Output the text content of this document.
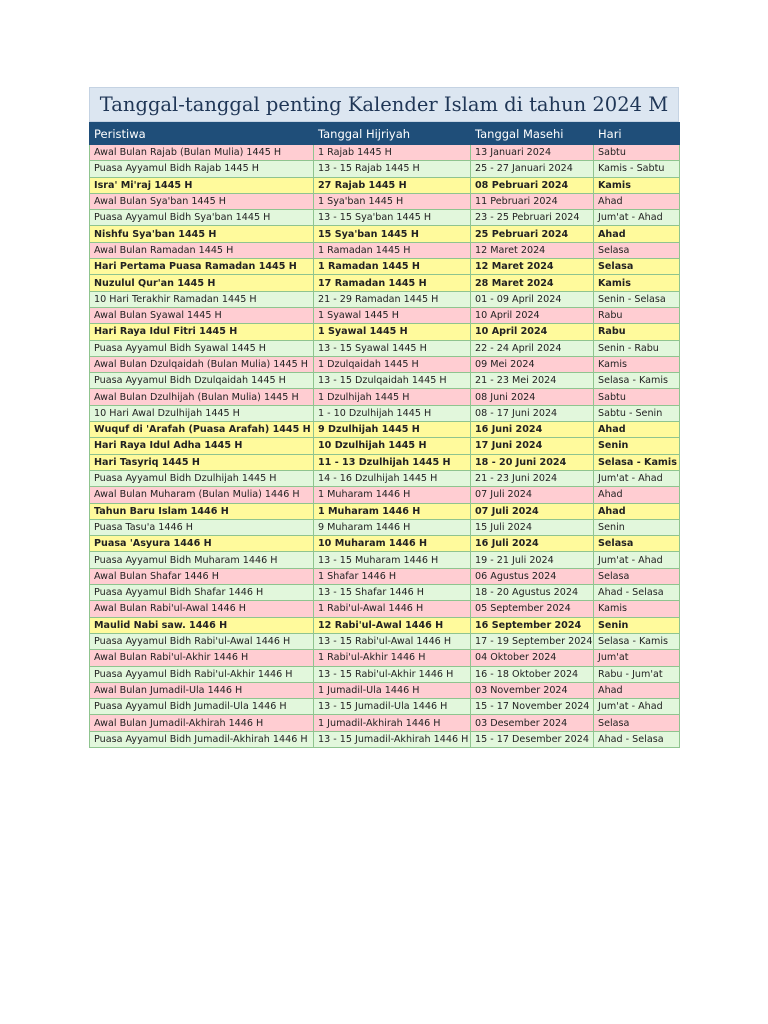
Tanggal-tanggal penting Kalender Islam di tahun 2024 M
Peristiwa	Tanggal Hijriyah	Tanggal Masehi	Hari
Awal Bulan Rajab (Bulan Mulia) 1445 H	1 Rajab 1445 H	13 Januari 2024	Sabtu
Puasa Ayyamul Bidh Rajab 1445 H	13 - 15 Rajab 1445 H	25 - 27 Januari 2024	Kamis - Sabtu
Isra' Mi'raj 1445 H	27 Rajab 1445 H	08 Pebruari 2024	Kamis
Awal Bulan Sya'ban 1445 H	1 Sya'ban 1445 H	11 Pebruari 2024	Ahad
Puasa Ayyamul Bidh Sya'ban 1445 H	13 - 15 Sya'ban 1445 H	23 - 25 Pebruari 2024	Jum'at - Ahad
Nishfu Sya'ban 1445 H	15 Sya'ban 1445 H	25 Pebruari 2024	Ahad
Awal Bulan Ramadan 1445 H	1 Ramadan 1445 H	12 Maret 2024	Selasa
Hari Pertama Puasa Ramadan 1445 H	1 Ramadan 1445 H	12 Maret 2024	Selasa
Nuzulul Qur'an 1445 H	17 Ramadan 1445 H	28 Maret 2024	Kamis
10 Hari Terakhir Ramadan 1445 H	21 - 29 Ramadan 1445 H	01 - 09 April 2024	Senin - Selasa
Awal Bulan Syawal 1445 H	1 Syawal 1445 H	10 April 2024	Rabu
Hari Raya Idul Fitri 1445 H	1 Syawal 1445 H	10 April 2024	Rabu
Puasa Ayyamul Bidh Syawal 1445 H	13 - 15 Syawal 1445 H	22 - 24 April 2024	Senin - Rabu
Awal Bulan Dzulqaidah (Bulan Mulia) 1445 H	1 Dzulqaidah 1445 H	09 Mei 2024	Kamis
Puasa Ayyamul Bidh Dzulqaidah 1445 H	13 - 15 Dzulqaidah 1445 H	21 - 23 Mei 2024	Selasa - Kamis
Awal Bulan Dzulhijah (Bulan Mulia) 1445 H	1 Dzulhijah 1445 H	08 Juni 2024	Sabtu
10 Hari Awal Dzulhijah 1445 H	1 - 10 Dzulhijah 1445 H	08 - 17 Juni 2024	Sabtu - Senin
Wuquf di 'Arafah (Puasa Arafah) 1445 H	9 Dzulhijah 1445 H	16 Juni 2024	Ahad
Hari Raya Idul Adha 1445 H	10 Dzulhijah 1445 H	17 Juni 2024	Senin
Hari Tasyriq 1445 H	11 - 13 Dzulhijah 1445 H	18 - 20 Juni 2024	Selasa - Kamis
Puasa Ayyamul Bidh Dzulhijah 1445 H	14 - 16 Dzulhijah 1445 H	21 - 23 Juni 2024	Jum'at - Ahad
Awal Bulan Muharam (Bulan Mulia) 1446 H	1 Muharam 1446 H	07 Juli 2024	Ahad
Tahun Baru Islam 1446 H	1 Muharam 1446 H	07 Juli 2024	Ahad
Puasa Tasu'a 1446 H	9 Muharam 1446 H	15 Juli 2024	Senin
Puasa 'Asyura 1446 H	10 Muharam 1446 H	16 Juli 2024	Selasa
Puasa Ayyamul Bidh Muharam 1446 H	13 - 15 Muharam 1446 H	19 - 21 Juli 2024	Jum'at - Ahad
Awal Bulan Shafar 1446 H	1 Shafar 1446 H	06 Agustus 2024	Selasa
Puasa Ayyamul Bidh Shafar 1446 H	13 - 15 Shafar 1446 H	18 - 20 Agustus 2024	Ahad - Selasa
Awal Bulan Rabi'ul-Awal 1446 H	1 Rabi'ul-Awal 1446 H	05 September 2024	Kamis
Maulid Nabi saw. 1446 H	12 Rabi'ul-Awal 1446 H	16 September 2024	Senin
Puasa Ayyamul Bidh Rabi'ul-Awal 1446 H	13 - 15 Rabi'ul-Awal 1446 H	17 - 19 September 2024	Selasa - Kamis
Awal Bulan Rabi'ul-Akhir 1446 H	1 Rabi'ul-Akhir 1446 H	04 Oktober 2024	Jum'at
Puasa Ayyamul Bidh Rabi'ul-Akhir 1446 H	13 - 15 Rabi'ul-Akhir 1446 H	16 - 18 Oktober 2024	Rabu - Jum'at
Awal Bulan Jumadil-Ula 1446 H	1 Jumadil-Ula 1446 H	03 November 2024	Ahad
Puasa Ayyamul Bidh Jumadil-Ula 1446 H	13 - 15 Jumadil-Ula 1446 H	15 - 17 November 2024	Jum'at - Ahad
Awal Bulan Jumadil-Akhirah 1446 H	1 Jumadil-Akhirah 1446 H	03 Desember 2024	Selasa
Puasa Ayyamul Bidh Jumadil-Akhirah 1446 H	13 - 15 Jumadil-Akhirah 1446 H	15 - 17 Desember 2024	Ahad - Selasa
